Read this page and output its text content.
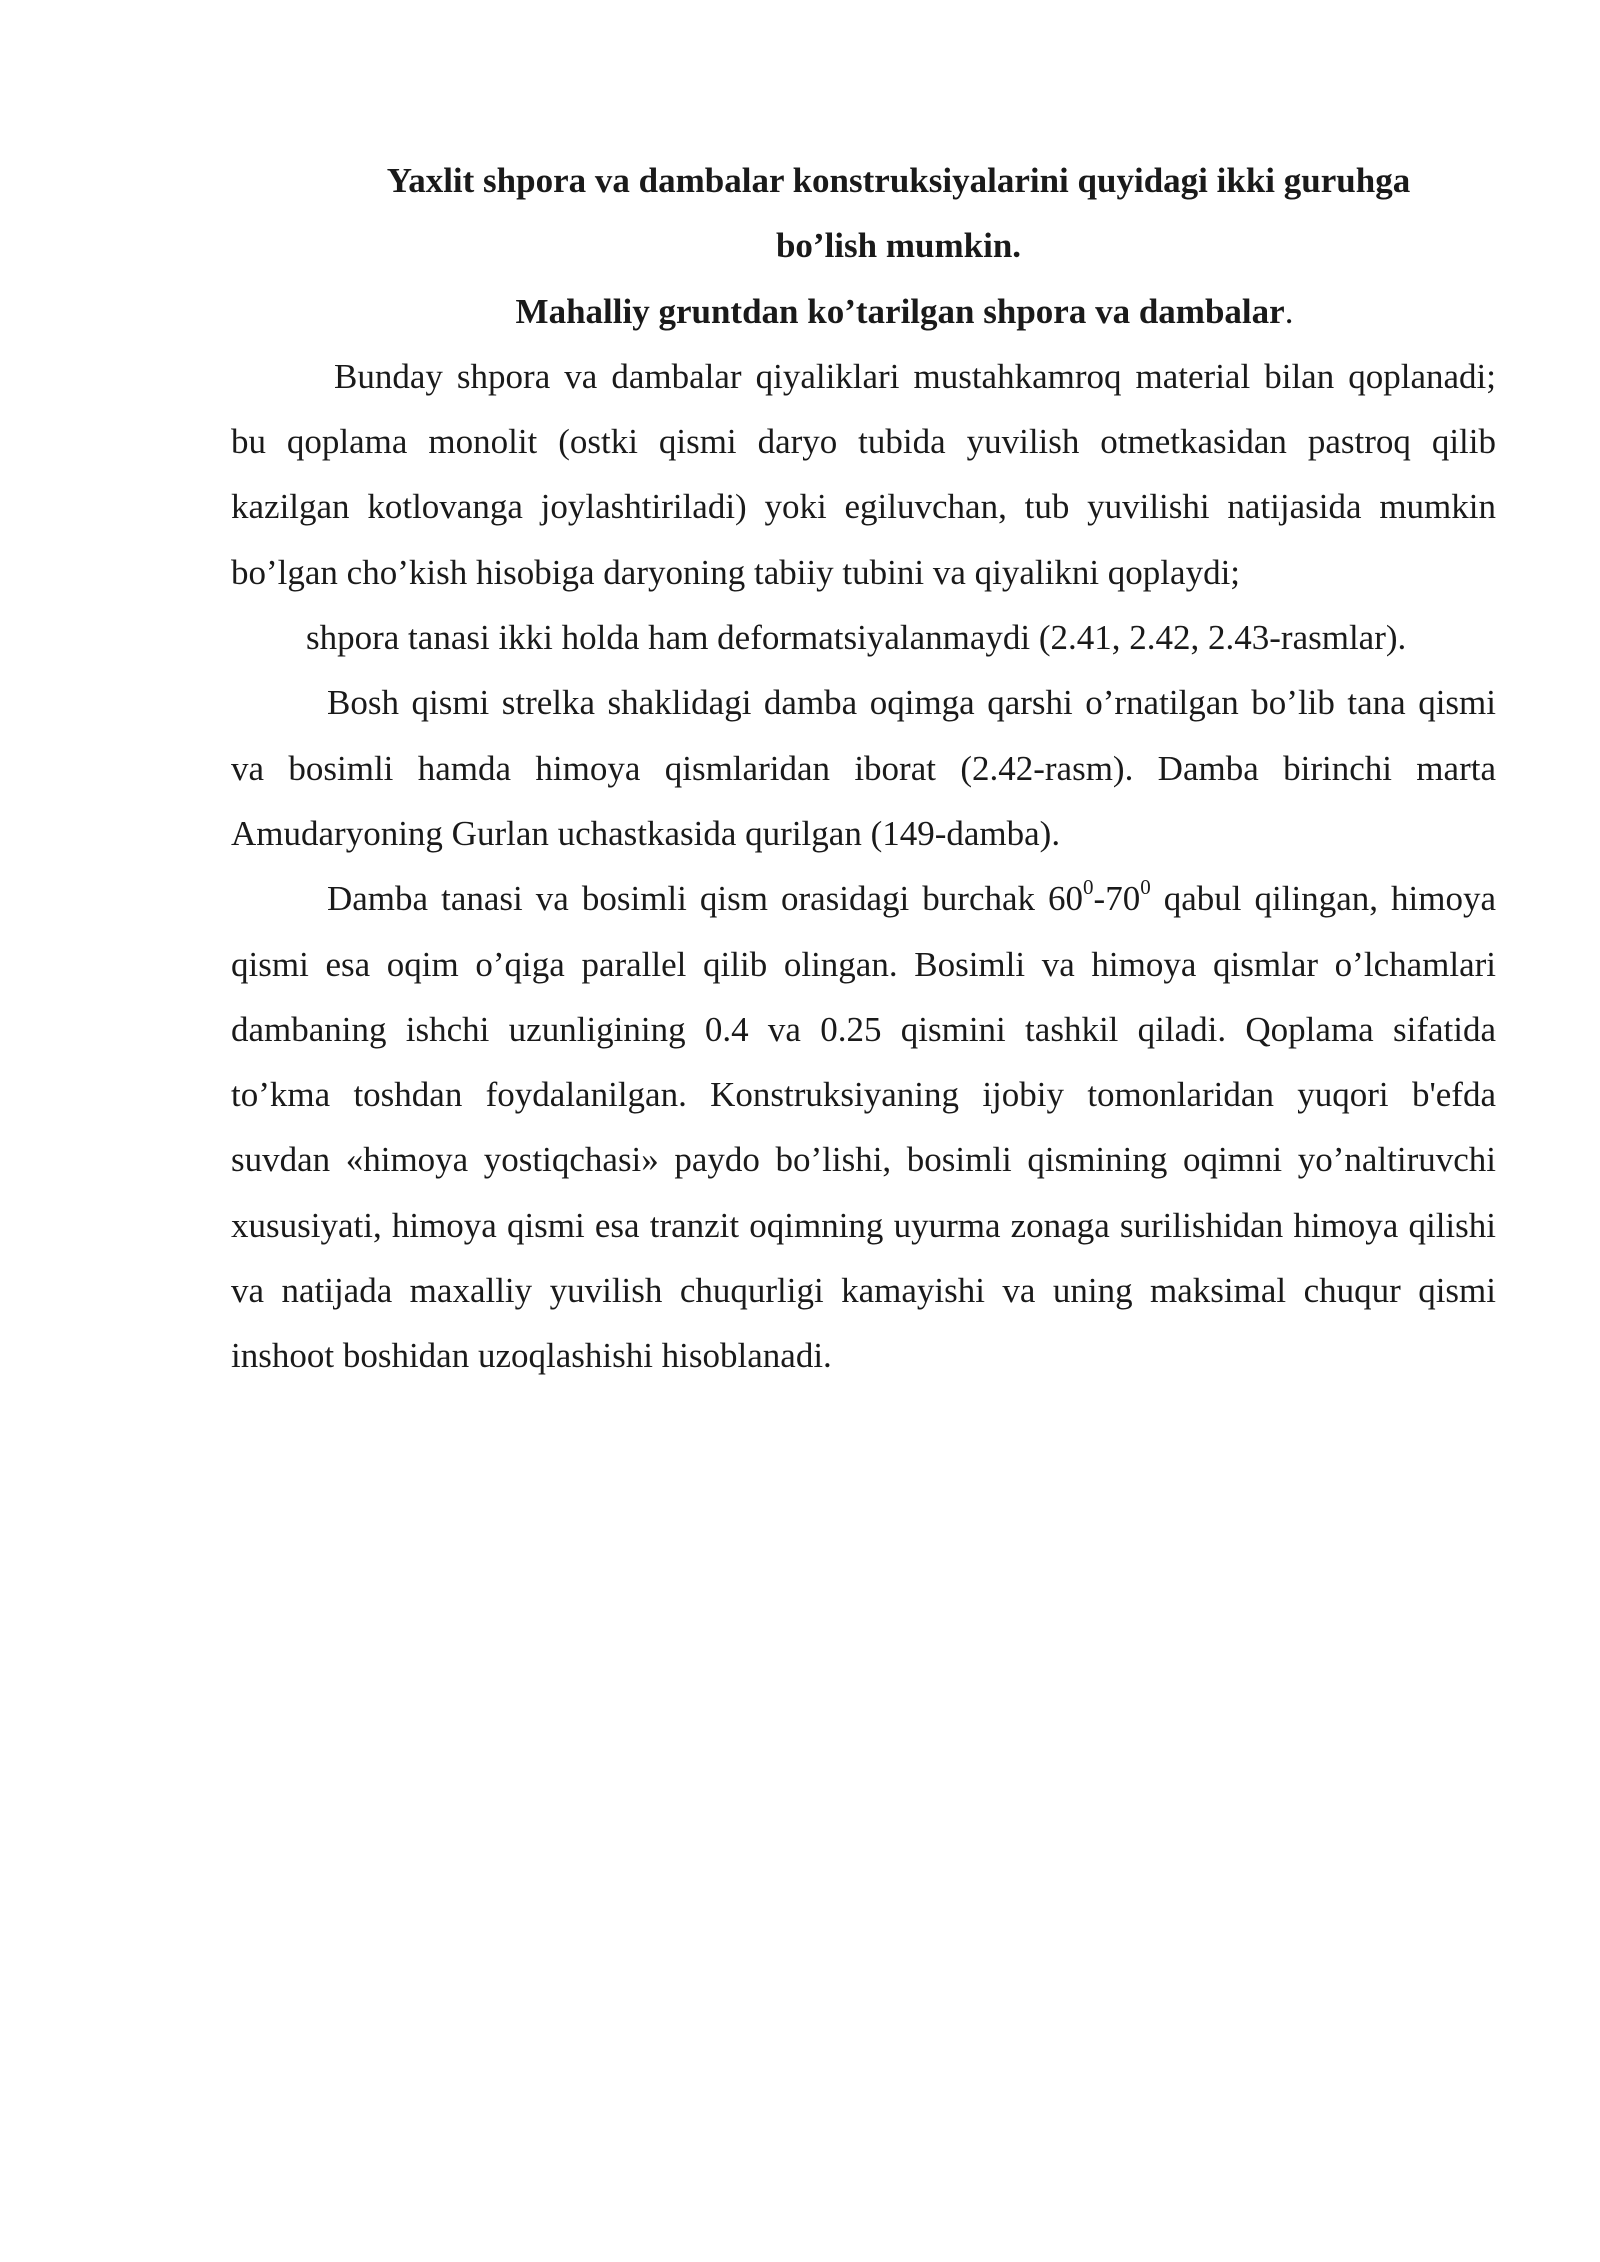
Yaxlit shpora va dambalar konstruksiyalarini quyidagi ikki guruhga

bo’lish mumkin.

Mahalliy gruntdan ko’tarilgan shpora va dambalar.

Bunday shpora va dambalar qiyaliklari mustahkamroq material bilan qoplanadi; bu qoplama monolit (ostki qismi daryo tubida yuvilish otmetkasidan pastroq qilib kazilgan kotlovanga joylashtiriladi) yoki egiluvchan, tub yuvilishi natijasida mumkin bo’lgan cho’kish hisobiga daryoning tabiiy tubini va qiyalikni qoplaydi;

shpora tanasi ikki holda ham deformatsiyalanmaydi (2.41, 2.42, 2.43-rasmlar).

Bosh qismi strelka shaklidagi damba oqimga qarshi o’rnatilgan bo’lib tana qismi va bosimli hamda himoya qismlaridan iborat (2.42-rasm). Damba birinchi marta Amudaryoning Gurlan uchastkasida qurilgan (149-damba).

Damba tanasi va bosimli qism orasidagi burchak $60^0-70^0$ qabul qilingan, himoya qismi esa oqim o’qiga parallel qilib olingan. Bosimli va himoya qismlar o’lchamlari dambaning ishchi uzunligining 0.4 va 0.25 qismini tashkil qiladi. Qoplama sifatida to’kma toshdan foydalanilgan. Konstruksiyaning ijobiy tomonlaridan yuqori b'efda suvdan «himoya yostiqchasi» paydo bo’lishi, bosimli qismining oqimni yo’naltiruvchi xususiyati, himoya qismi esa tranzit oqimning uyurma zonaga surilishidan himoya qilishi va natijada maxalliy yuvilish chuqurligi kamayishi va uning maksimal chuqur qismi inshoot boshidan uzoqlashishi hisoblanadi.
